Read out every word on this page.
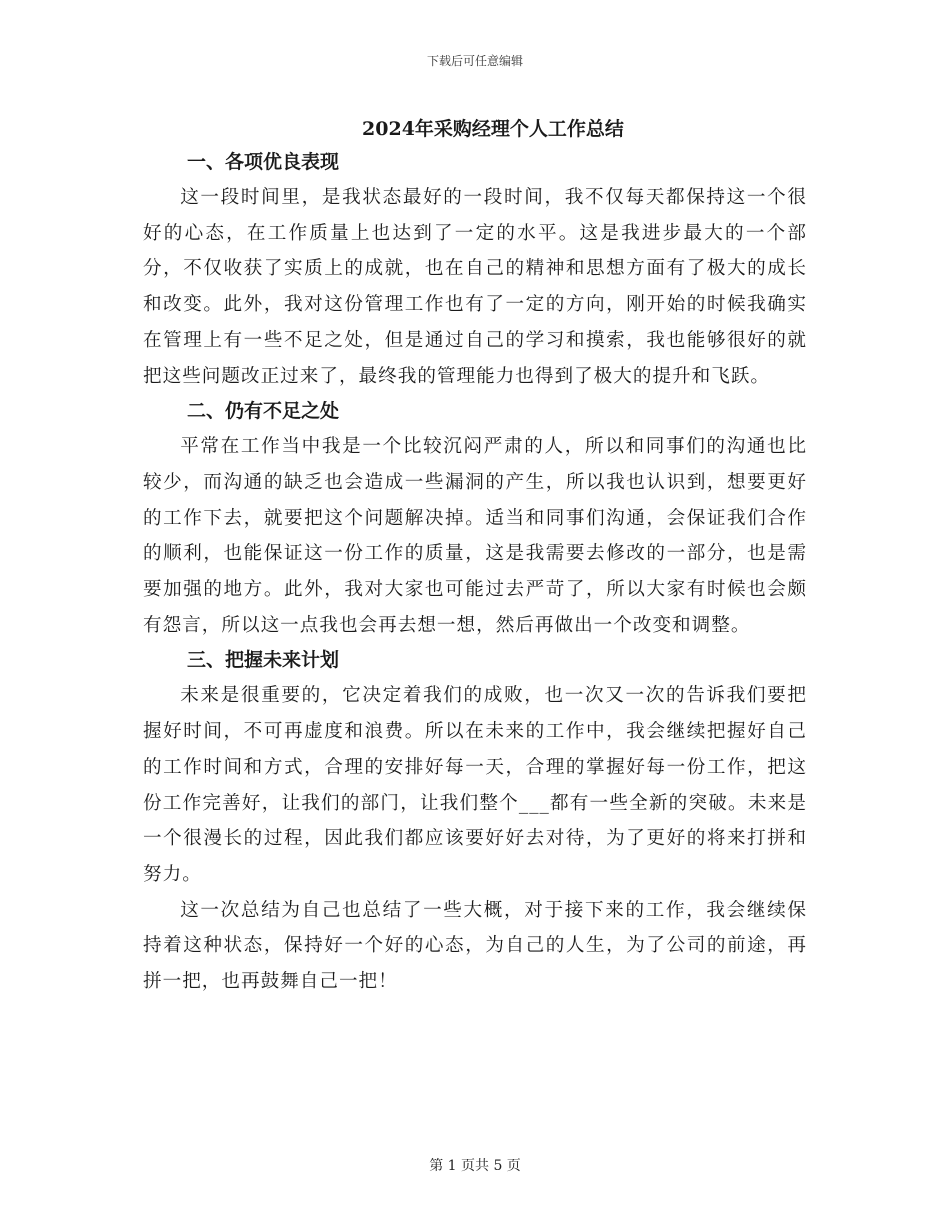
下载后可任意编辑
2024年采购经理个人工作总结
一、各项优良表现

这一段时间里，是我状态最好的一段时间，我不仅每天都保持这一个很好的心态，在工作质量上也达到了一定的水平。这是我进步最大的一个部分，不仅收获了实质上的成就，也在自己的精神和思想方面有了极大的成长和改变。此外，我对这份管理工作也有了一定的方向，刚开始的时候我确实在管理上有一些不足之处，但是通过自己的学习和摸索，我也能够很好的就把这些问题改正过来了，最终我的管理能力也得到了极大的提升和飞跃。

二、仍有不足之处

平常在工作当中我是一个比较沉闷严肃的人，所以和同事们的沟通也比较少，而沟通的缺乏也会造成一些漏洞的产生，所以我也认识到，想要更好的工作下去，就要把这个问题解决掉。适当和同事们沟通，会保证我们合作的顺利，也能保证这一份工作的质量，这是我需要去修改的一部分，也是需要加强的地方。此外，我对大家也可能过去严苛了，所以大家有时候也会颇有怨言，所以这一点我也会再去想一想，然后再做出一个改变和调整。

三、把握未来计划

未来是很重要的，它决定着我们的成败，也一次又一次的告诉我们要把握好时间，不可再虚度和浪费。所以在未来的工作中，我会继续把握好自己的工作时间和方式，合理的安排好每一天，合理的掌握好每一份工作，把这份工作完善好，让我们的部门，让我们整个___都有一些全新的突破。未来是一个很漫长的过程，因此我们都应该要好好去对待，为了更好的将来打拼和努力。

这一次总结为自己也总结了一些大概，对于接下来的工作，我会继续保持着这种状态，保持好一个好的心态，为自己的人生，为了公司的前途，再拼一把，也再鼓舞自己一把！

第 1 页共 5 页
